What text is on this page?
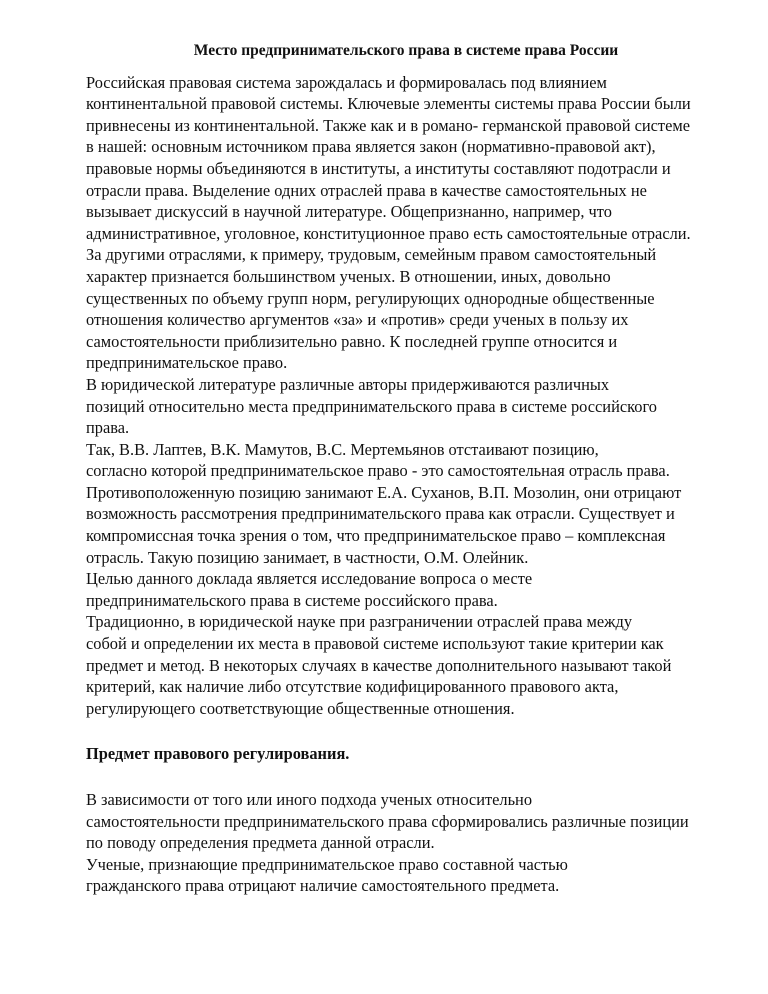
Место предпринимательского права в системе права России

Российская правовая система зарождалась и формировалась под влиянием
континентальной правовой системы. Ключевые элементы системы права России были
привнесены из континентальной. Также как и в романо- германской правовой системе
в нашей: основным источником права является закон (нормативно-правовой акт),
правовые нормы объединяются в институты, а институты составляют подотрасли и
отрасли права. Выделение одних отраслей права в качестве самостоятельных не
вызывает дискуссий в научной литературе. Общепризнанно, например, что
административное, уголовное, конституционное право есть самостоятельные отрасли.
За другими отраслями, к примеру, трудовым, семейным правом самостоятельный
характер признается большинством ученых. В отношении, иных, довольно
существенных по объему групп норм, регулирующих однородные общественные
отношения количество аргументов «за» и «против» среди ученых в пользу их
самостоятельности приблизительно равно. К последней группе относится и
предпринимательское право.

В юридической литературе различные авторы придерживаются различных
позиций относительно места предпринимательского права в системе российского
права.

Так, В.В. Лаптев, В.К. Мамутов, В.С. Мертемьянов отстаивают позицию,
согласно которой предпринимательское право - это самостоятельная отрасль права.
Противоположенную позицию занимают Е.А. Суханов, В.П. Мозолин, они отрицают
возможность рассмотрения предпринимательского права как отрасли. Существует и
компромиссная точка зрения о том, что предпринимательское право – комплексная
отрасль. Такую позицию занимает, в частности, О.М. Олейник.

Целью данного доклада является исследование вопроса о месте
предпринимательского права в системе российского права.

Традиционно, в юридической науке при разграничении отраслей права между
собой и определении их места в правовой системе используют такие критерии как
предмет и метод. В некоторых случаях в качестве дополнительного называют такой
критерий, как наличие либо отсутствие кодифицированного правового акта,
регулирующего соответствующие общественные отношения.

Предмет правового регулирования.

В зависимости от того или иного подхода ученых относительно
самостоятельности предпринимательского права сформировались различные позиции
по поводу определения предмета данной отрасли.

Ученые, признающие предпринимательское право составной частью
гражданского права отрицают наличие самостоятельного предмета.
